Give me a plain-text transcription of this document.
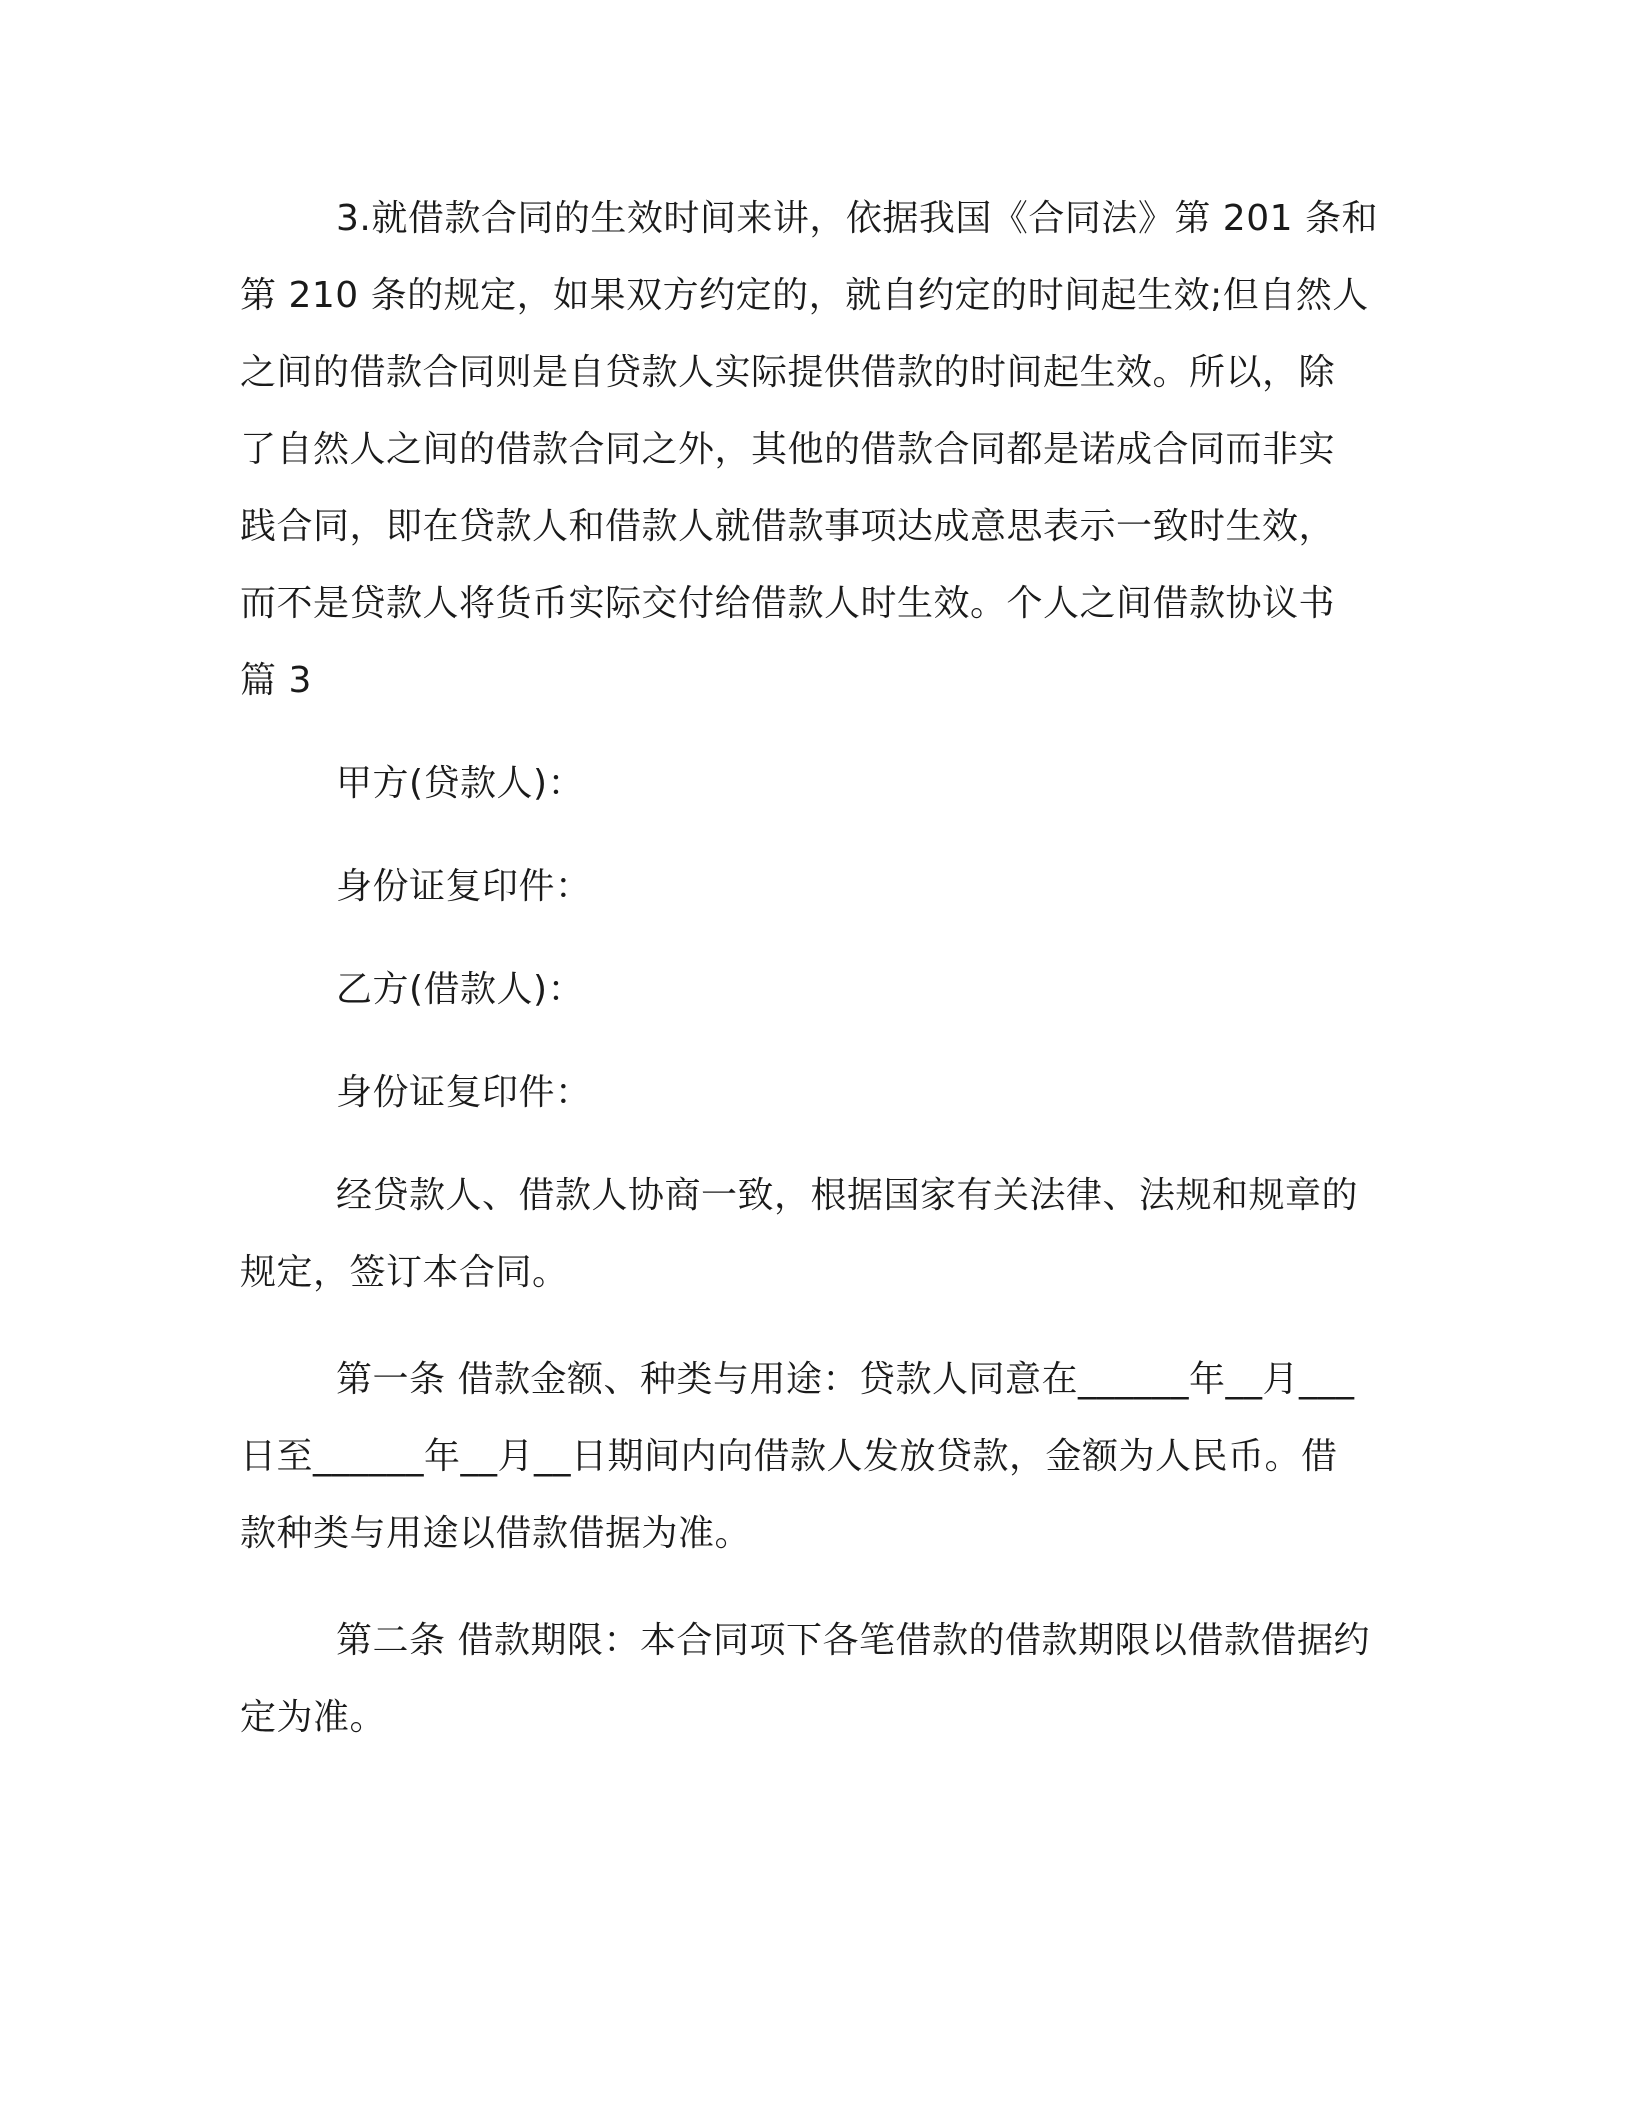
3.就借款合同的生效时间来讲，依据我国《合同法》第 201 条和
第 210 条的规定，如果双方约定的，就自约定的时间起生效;但自然人
之间的借款合同则是自贷款人实际提供借款的时间起生效。所以，除
了自然人之间的借款合同之外，其他的借款合同都是诺成合同而非实
践合同，即在贷款人和借款人就借款事项达成意思表示一致时生效，
而不是贷款人将货币实际交付给借款人时生效。个人之间借款协议书
篇 3

甲方(贷款人)：

身份证复印件：

乙方(借款人)：

身份证复印件：

经贷款人、借款人协商一致，根据国家有关法律、法规和规章的
规定，签订本合同。

第一条 借款金额、种类与用途：贷款人同意在______年__月___
日至______年__月__日期间内向借款人发放贷款，金额为人民币。借
款种类与用途以借款借据为准。

第二条 借款期限：本合同项下各笔借款的借款期限以借款借据约
定为准。
